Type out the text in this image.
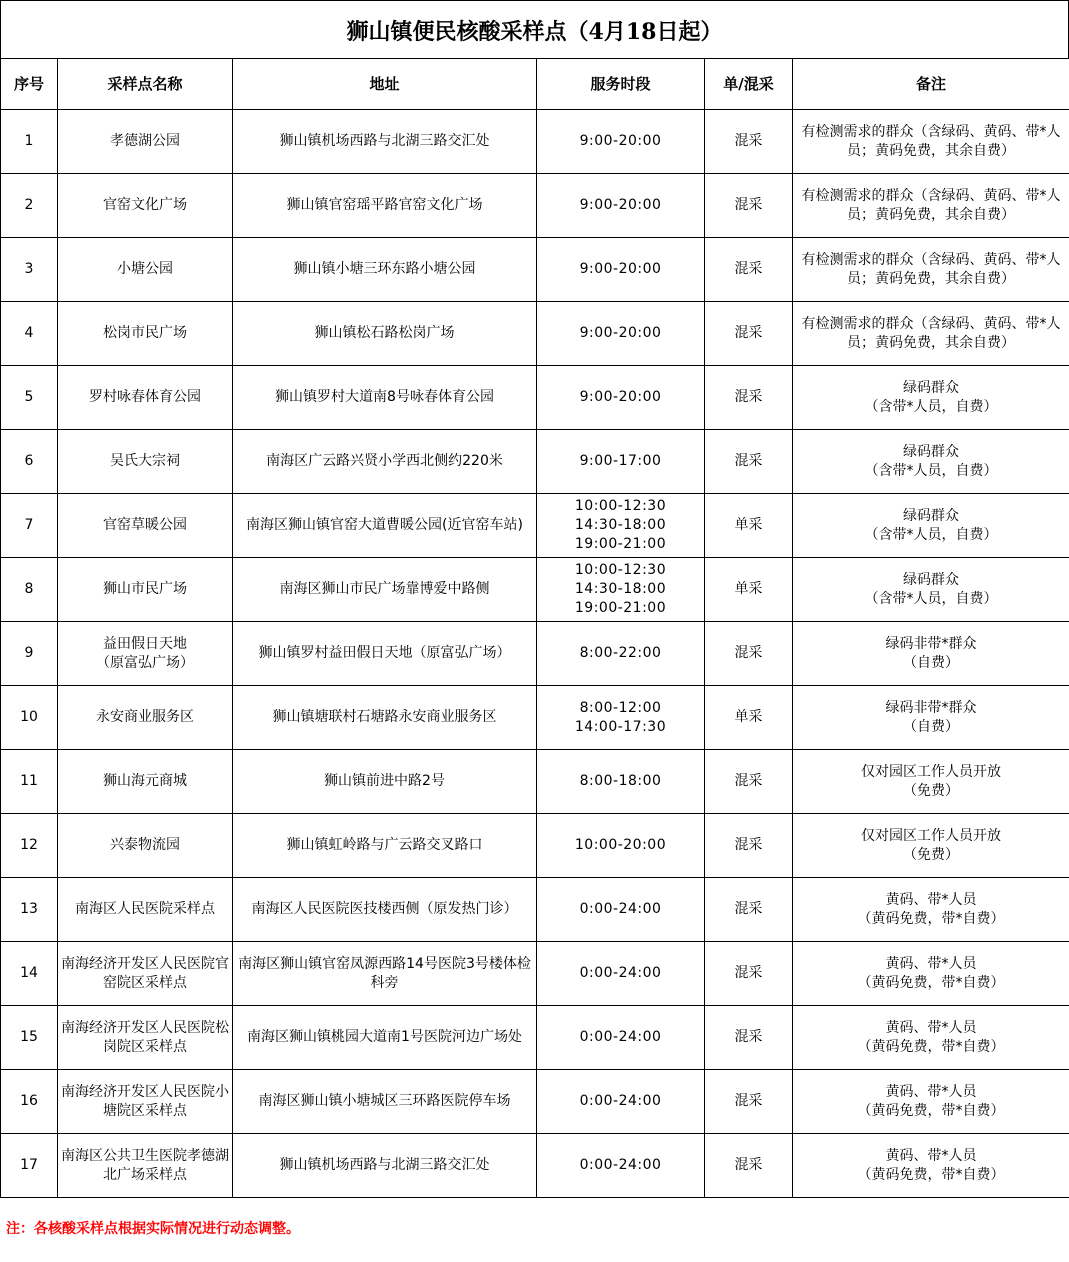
狮山镇便民核酸采样点（4月18日起）
序号	采样点名称	地址	服务时段	单/混采	备注
1	孝德湖公园	狮山镇机场西路与北湖三路交汇处	9:00-20:00	混采	有检测需求的群众（含绿码、黄码、带*人员；黄码免费，其余自费）
2	官窑文化广场	狮山镇官窑瑶平路官窑文化广场	9:00-20:00	混采	有检测需求的群众（含绿码、黄码、带*人员；黄码免费，其余自费）
3	小塘公园	狮山镇小塘三环东路小塘公园	9:00-20:00	混采	有检测需求的群众（含绿码、黄码、带*人员；黄码免费，其余自费）
4	松岗市民广场	狮山镇松石路松岗广场	9:00-20:00	混采	有检测需求的群众（含绿码、黄码、带*人员；黄码免费，其余自费）
5	罗村咏春体育公园	狮山镇罗村大道南8号咏春体育公园	9:00-20:00	混采	绿码群众
（含带*人员，自费）
6	吴氏大宗祠	南海区广云路兴贤小学西北侧约220米	9:00-17:00	混采	绿码群众
（含带*人员，自费）
7	官窑草暖公园	南海区狮山镇官窑大道曹暖公园(近官窑车站)	10:00-12:30
14:30-18:00
19:00-21:00	单采	绿码群众
（含带*人员，自费）
8	狮山市民广场	南海区狮山市民广场靠博爱中路侧	10:00-12:30
14:30-18:00
19:00-21:00	单采	绿码群众
（含带*人员，自费）
9	益田假日天地
（原富弘广场）	狮山镇罗村益田假日天地（原富弘广场）	8:00-22:00	混采	绿码非带*群众
（自费）
10	永安商业服务区	狮山镇塘联村石塘路永安商业服务区	8:00-12:00
14:00-17:30	单采	绿码非带*群众
（自费）
11	狮山海元商城	狮山镇前进中路2号	8:00-18:00	混采	仅对园区工作人员开放
（免费）
12	兴泰物流园	狮山镇虹岭路与广云路交叉路口	10:00-20:00	混采	仅对园区工作人员开放
（免费）
13	南海区人民医院采样点	南海区人民医院医技楼西侧（原发热门诊）	0:00-24:00	混采	黄码、带*人员
（黄码免费，带*自费）
14	南海经济开发区人民医院官窑院区采样点	南海区狮山镇官窑凤源西路14号医院3号楼体检科旁	0:00-24:00	混采	黄码、带*人员
（黄码免费，带*自费）
15	南海经济开发区人民医院松岗院区采样点	南海区狮山镇桃园大道南1号医院河边广场处	0:00-24:00	混采	黄码、带*人员
（黄码免费，带*自费）
16	南海经济开发区人民医院小塘院区采样点	南海区狮山镇小塘城区三环路医院停车场	0:00-24:00	混采	黄码、带*人员
（黄码免费，带*自费）
17	南海区公共卫生医院孝德湖北广场采样点	狮山镇机场西路与北湖三路交汇处	0:00-24:00	混采	黄码、带*人员
（黄码免费，带*自费）
注：各核酸采样点根据实际情况进行动态调整。
